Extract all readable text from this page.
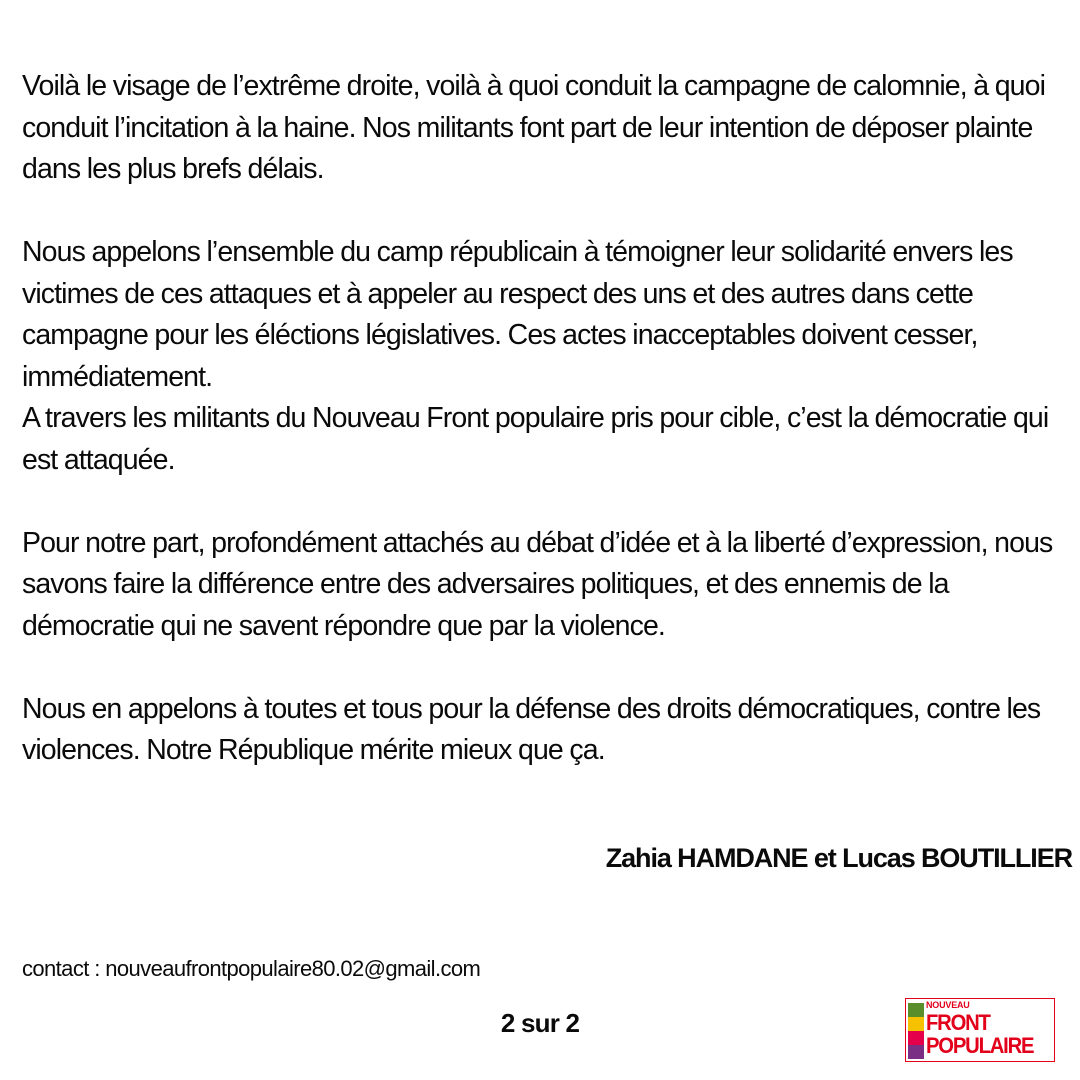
Voilà le visage de l’extrême droite, voilà à quoi conduit la campagne de calomnie, à quoi conduit l’incitation à la haine. Nos militants font part de leur intention de déposer plainte dans les plus brefs délais.

Nous appelons l’ensemble du camp républicain à témoigner leur solidarité envers les victimes de ces attaques et à appeler au respect des uns et des autres dans cette campagne pour les éléctions législatives. Ces actes inacceptables doivent cesser, immédiatement.

A travers les militants du Nouveau Front populaire pris pour cible, c’est la démocratie qui est attaquée.

Pour notre part, profondément attachés au débat d’idée et à la liberté d’expression, nous savons faire la différence entre des adversaires politiques, et des ennemis de la démocratie qui ne savent répondre que par la violence.

Nous en appelons à toutes et tous pour la défense des droits démocratiques, contre les violences. Notre République mérite mieux que ça.

Zahia HAMDANE et Lucas BOUTILLIER
contact : nouveaufrontpopulaire80.02@gmail.com
2 sur 2
NOUVEAU
FRONT
POPULAIRE
